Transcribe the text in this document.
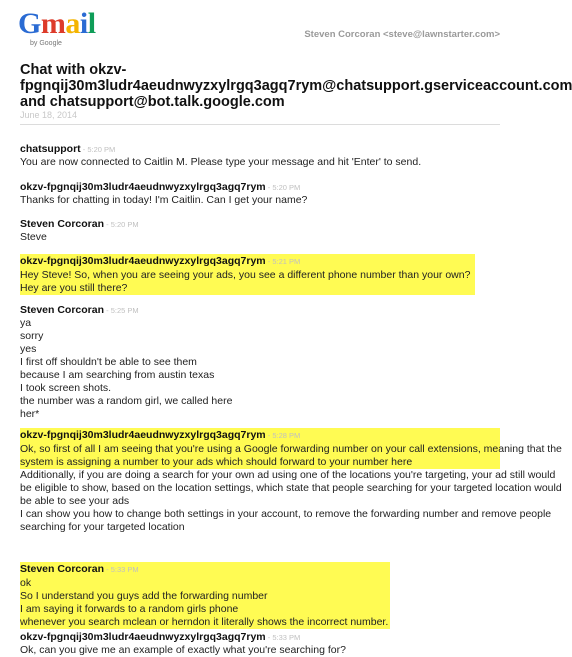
Gmail
by Google
Steven Corcoran <steve@lawnstarter.com>
Chat with okzv-
fpgnqij30m3ludr4aeudnwyzxylrgq3agq7rym@chatsupport.gserviceaccount.com
and chatsupport@bot.talk.google.com
June 18, 2014
chatsupport - 5:20 PM
You are now connected to Caitlin M. Please type your message and hit 'Enter' to send.
okzv-fpgnqij30m3ludr4aeudnwyzxylrgq3agq7rym - 5:20 PM
Thanks for chatting in today! I'm Caitlin. Can I get your name?
Steven Corcoran - 5:20 PM
Steve
okzv-fpgnqij30m3ludr4aeudnwyzxylrgq3agq7rym - 5:21 PM
Hey Steve! So, when you are seeing your ads, you see a different phone number than your own?
Hey are you still there?
Steven Corcoran - 5:25 PM
ya
sorry
yes
I first off shouldn't be able to see them
because I am searching from austin texas
I took screen shots.
the number was a random girl, we called here
her*
okzv-fpgnqij30m3ludr4aeudnwyzxylrgq3agq7rym - 5:28 PM
Ok, so first of all I am seeing that you're using a Google forwarding number on your call extensions, meaning that the
system is assigning a number to your ads which should forward to your number here
Additionally, if you are doing a search for your own ad using one of the locations you're targeting, your ad still would
be eligible to show, based on the location settings, which state that people searching for your targeted location would
be able to see your ads
I can show you how to change both settings in your account, to remove the forwarding number and remove people
searching for your targeted location
Steven Corcoran - 5:33 PM
ok
So I understand you guys add the forwarding number
I am saying it forwards to a random girls phone
whenever you search mclean or herndon it literally shows the incorrect number.
okzv-fpgnqij30m3ludr4aeudnwyzxylrgq3agq7rym - 5:33 PM
Ok, can you give me an example of exactly what you're searching for?
